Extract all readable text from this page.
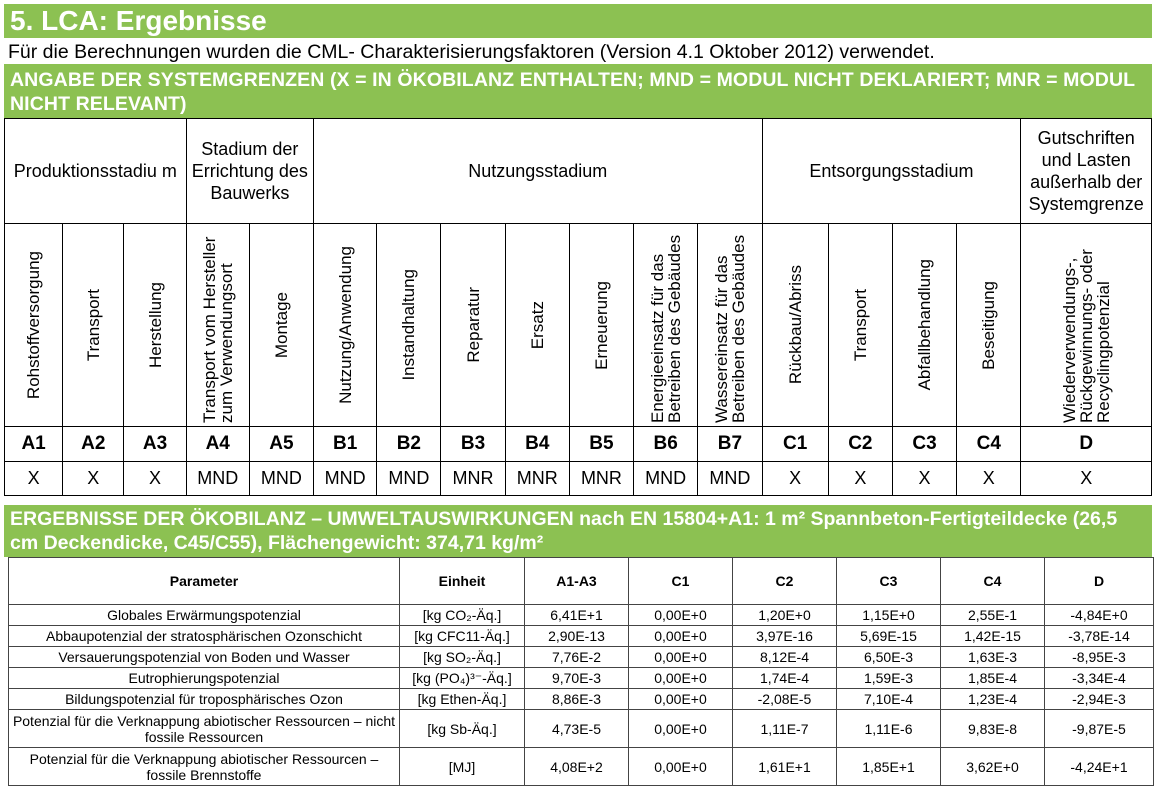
5. LCA: Ergebnisse
Für die Berechnungen wurden die CML- Charakterisierungsfaktoren (Version 4.1 Oktober 2012) verwendet.
ANGABE DER SYSTEMGRENZEN (X = IN ÖKOBILANZ ENTHALTEN; MND = MODUL NICHT DEKLARIERT; MNR = MODUL NICHT RELEVANT)
Produktionsstadiu m			Stadium der Errichtung des Bauwerks		Nutzungsstadium							Entsorgungsstadium				Gutschriften und Lasten außerhalb der Systemgrenze

Rohstoffversorgung	Transport	Herstellung	Transport vom Hersteller zum Verwendungsort	Montage	Nutzung/Anwendung	Instandhaltung	Reparatur	Ersatz	Erneuerung	Energieeinsatz für das Betreiben des Gebäudes	Wassereinsatz für das Betreiben des Gebäudes	Rückbau/Abriss	Transport	Abfallbehandlung	Beseitigung	Wiederverwendungs-, Rückgewinnungs- oder Recyclingpotenzial

A1	A2	A3	A4	A5	B1	B2	B3	B4	B5	B6	B7	C1	C2	C3	C4	D
X	X	X	MND	MND	MND	MND	MNR	MNR	MNR	MND	MND	X	X	X	X	X
ERGEBNISSE DER ÖKOBILANZ – UMWELTAUSWIRKUNGEN nach EN 15804+A1: 1 m² Spannbeton-Fertigteildecke (26,5 cm Deckendicke, C45/C55), Flächengewicht: 374,71 kg/m²
Parameter	Einheit	A1-A3	C1	C2	C3	C4	D
Globales Erwärmungspotenzial	[kg CO₂-Äq.]	6,41E+1	0,00E+0	1,20E+0	1,15E+0	2,55E-1	-4,84E+0
Abbaupotenzial der stratosphärischen Ozonschicht	[kg CFC11-Äq.]	2,90E-13	0,00E+0	3,97E-16	5,69E-15	1,42E-15	-3,78E-14
Versauerungspotenzial von Boden und Wasser	[kg SO₂-Äq.]	7,76E-2	0,00E+0	8,12E-4	6,50E-3	1,63E-3	-8,95E-3
Eutrophierungspotenzial	[kg (PO₄)³⁻-Äq.]	9,70E-3	0,00E+0	1,74E-4	1,59E-3	1,85E-4	-3,34E-4
Bildungspotenzial für troposphärisches Ozon	[kg Ethen-Äq.]	8,86E-3	0,00E+0	-2,08E-5	7,10E-4	1,23E-4	-2,94E-3
Potenzial für die Verknappung abiotischer Ressourcen – nicht fossile Ressourcen	[kg Sb-Äq.]	4,73E-5	0,00E+0	1,11E-7	1,11E-6	9,83E-8	-9,87E-5
Potenzial für die Verknappung abiotischer Ressourcen – fossile Brennstoffe	[MJ]	4,08E+2	0,00E+0	1,61E+1	1,85E+1	3,62E+0	-4,24E+1
